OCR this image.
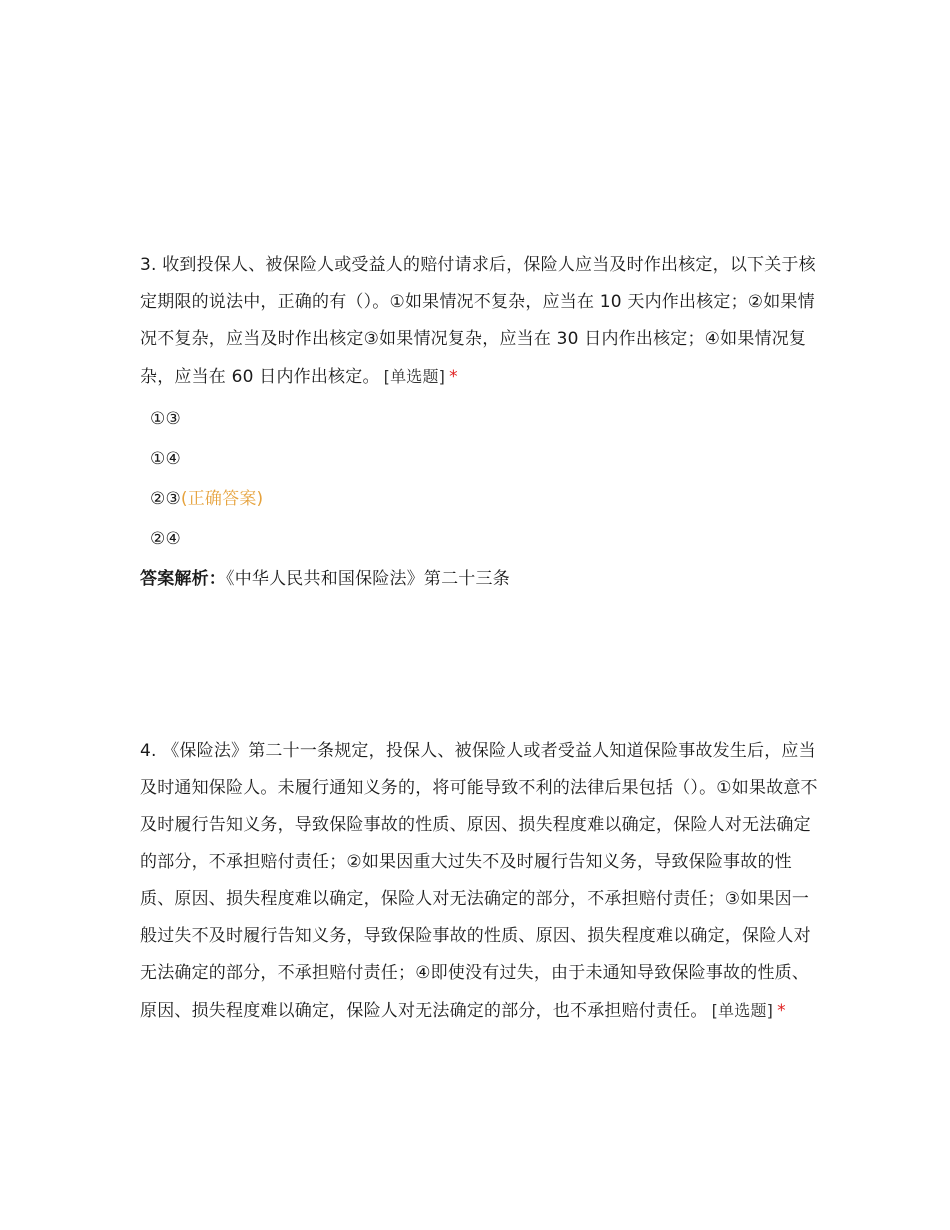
3. 收到投保人、被保险人或受益人的赔付请求后，保险人应当及时作出核定，以下关于核定期限的说法中，正确的有（）。①如果情况不复杂，应当在 10 天内作出核定；②如果情况不复杂，应当及时作出核定③如果情况复杂，应当在 30 日内作出核定；④如果情况复杂，应当在 60 日内作出核定。 [单选题] *

①③
①④
②③(正确答案)
②④
答案解析：《中华人民共和国保险法》第二十三条

4. 《保险法》第二十一条规定，投保人、被保险人或者受益人知道保险事故发生后，应当及时通知保险人。未履行通知义务的，将可能导致不利的法律后果包括（）。①如果故意不及时履行告知义务，导致保险事故的性质、原因、损失程度难以确定，保险人对无法确定的部分，不承担赔付责任；②如果因重大过失不及时履行告知义务，导致保险事故的性质、原因、损失程度难以确定，保险人对无法确定的部分，不承担赔付责任；③如果因一般过失不及时履行告知义务，导致保险事故的性质、原因、损失程度难以确定，保险人对无法确定的部分，不承担赔付责任；④即使没有过失，由于未通知导致保险事故的性质、原因、损失程度难以确定，保险人对无法确定的部分，也不承担赔付责任。 [单选题] *
